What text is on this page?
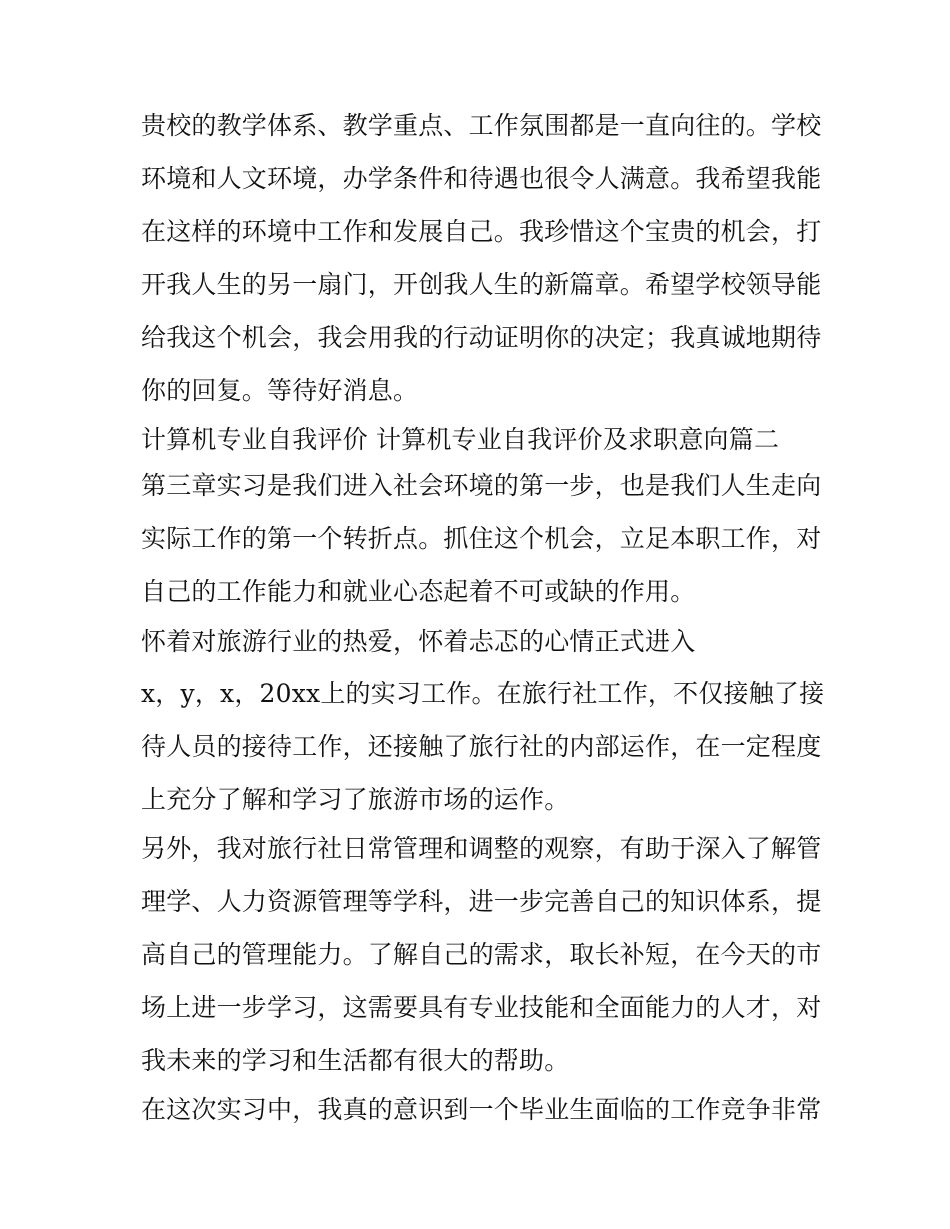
贵校的教学体系、教学重点、工作氛围都是一直向往的。学校
环境和人文环境，办学条件和待遇也很令人满意。我希望我能
在这样的环境中工作和发展自己。我珍惜这个宝贵的机会，打
开我人生的另一扇门，开创我人生的新篇章。希望学校领导能
给我这个机会，我会用我的行动证明你的决定；我真诚地期待
你的回复。等待好消息。
计算机专业自我评价 计算机专业自我评价及求职意向篇二
第三章实习是我们进入社会环境的第一步，也是我们人生走向
实际工作的第一个转折点。抓住这个机会，立足本职工作，对
自己的工作能力和就业心态起着不可或缺的作用。
怀着对旅游行业的热爱，怀着忐忑的心情正式进入
x，y，x，20xx上的实习工作。在旅行社工作，不仅接触了接
待人员的接待工作，还接触了旅行社的内部运作，在一定程度
上充分了解和学习了旅游市场的运作。
另外，我对旅行社日常管理和调整的观察，有助于深入了解管
理学、人力资源管理等学科，进一步完善自己的知识体系，提
高自己的管理能力。了解自己的需求，取长补短，在今天的市
场上进一步学习，这需要具有专业技能和全面能力的人才，对
我未来的学习和生活都有很大的帮助。
在这次实习中，我真的意识到一个毕业生面临的工作竞争非常
